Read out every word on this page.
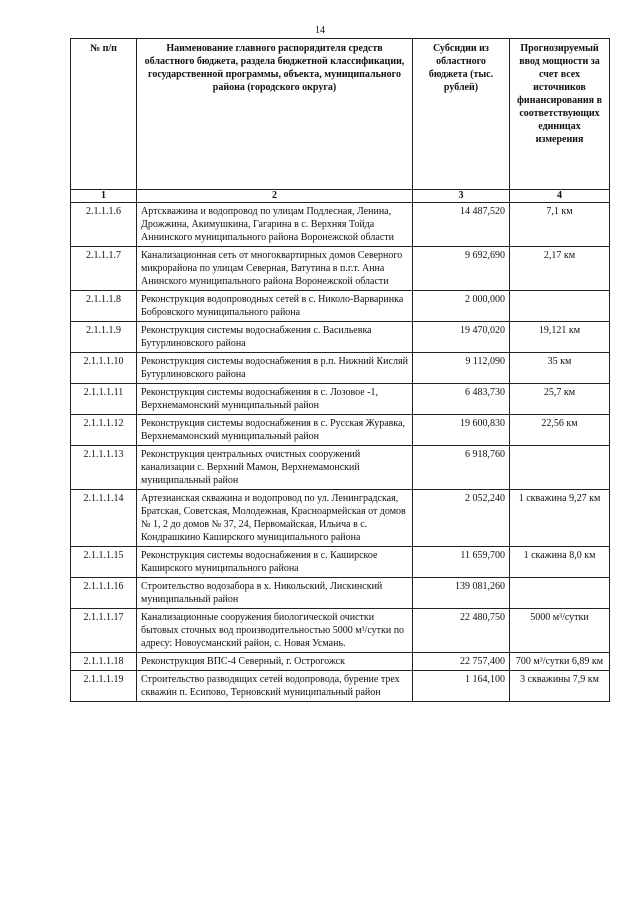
14
№ п/п	Наименование главного распорядителя средств областного бюджета, раздела бюджетной классификации, государственной программы, объекта, муниципального района (городского округа)	Субсидии из областного бюджета (тыс. рублей)	Прогнозируемый ввод мощности за счет всех источников финансирования в соответствующих единицах измерения
1	2	3	4
2.1.1.1.6	Артскважина и водопровод по улицам Подлесная, Ленина, Дрожжина, Акимушкина, Гагарина в с. Верхняя Тойда Аннинского муниципального района Воронежской области	14 487,520	7,1 км
2.1.1.1.7	Канализационная сеть от многоквартирных домов Северного микрорайона по улицам Северная, Ватутина в п.г.т. Анна Анинского муниципального района Воронежской области	9 692,690	2,17 км
2.1.1.1.8	Реконструкция водопроводных сетей в с. Николо-Варваринка Бобровского муниципального района	2 000,000	
2.1.1.1.9	Реконструкция системы водоснабжения с. Васильевка Бутурлиновского района	19 470,020	19,121 км
2.1.1.1.10	Реконструкция системы водоснабжения в р.п. Нижний Кисляй Бутурлиновского района	9 112,090	35 км
2.1.1.1.11	Реконструкция системы водоснабжения в с. Лозовое -1, Верхнемамонский муниципальный район	6 483,730	25,7 км
2.1.1.1.12	Реконструкция системы водоснабжения в с. Русская Журавка, Верхнемамонский муниципальный район	19 600,830	22,56 км
2.1.1.1.13	Реконструкция центральных очистных сооружений канализации с. Верхний Мамон, Верхнемамонский муниципальный район	6 918,760	
2.1.1.1.14	Артезианская скважина и водопровод по ул. Ленинградская, Братская, Советская, Молодежная, Красноармейская от домов № 1, 2 до домов № 37, 24, Первомайская, Ильича в с. Кондрашкино Каширского муниципального района	2 052,240	1 скважина 9,27 км
2.1.1.1.15	Реконструкция системы водоснабжения в с. Каширское Каширского муниципального района	11 659,700	1 скажина 8,0 км
2.1.1.1.16	Строительство водозабора в х. Никольский, Лискинский муниципальный район	139 081,260	
2.1.1.1.17	Канализационные сооружения биологической очистки бытовых сточных вод производительностью 5000 м³/сутки по адресу: Новоусманский район, с. Новая Усмань.	22 480,750	5000 м³/сутки
2.1.1.1.18	Реконструкция ВПС-4 Северный, г. Острогожск	22 757,400	700 м³/сутки 6,89 км
2.1.1.1.19	Строительство разводящих сетей водопровода, бурение трех скважин п. Есипово, Терновский муниципальный район	1 164,100	3 скважины 7,9 км
